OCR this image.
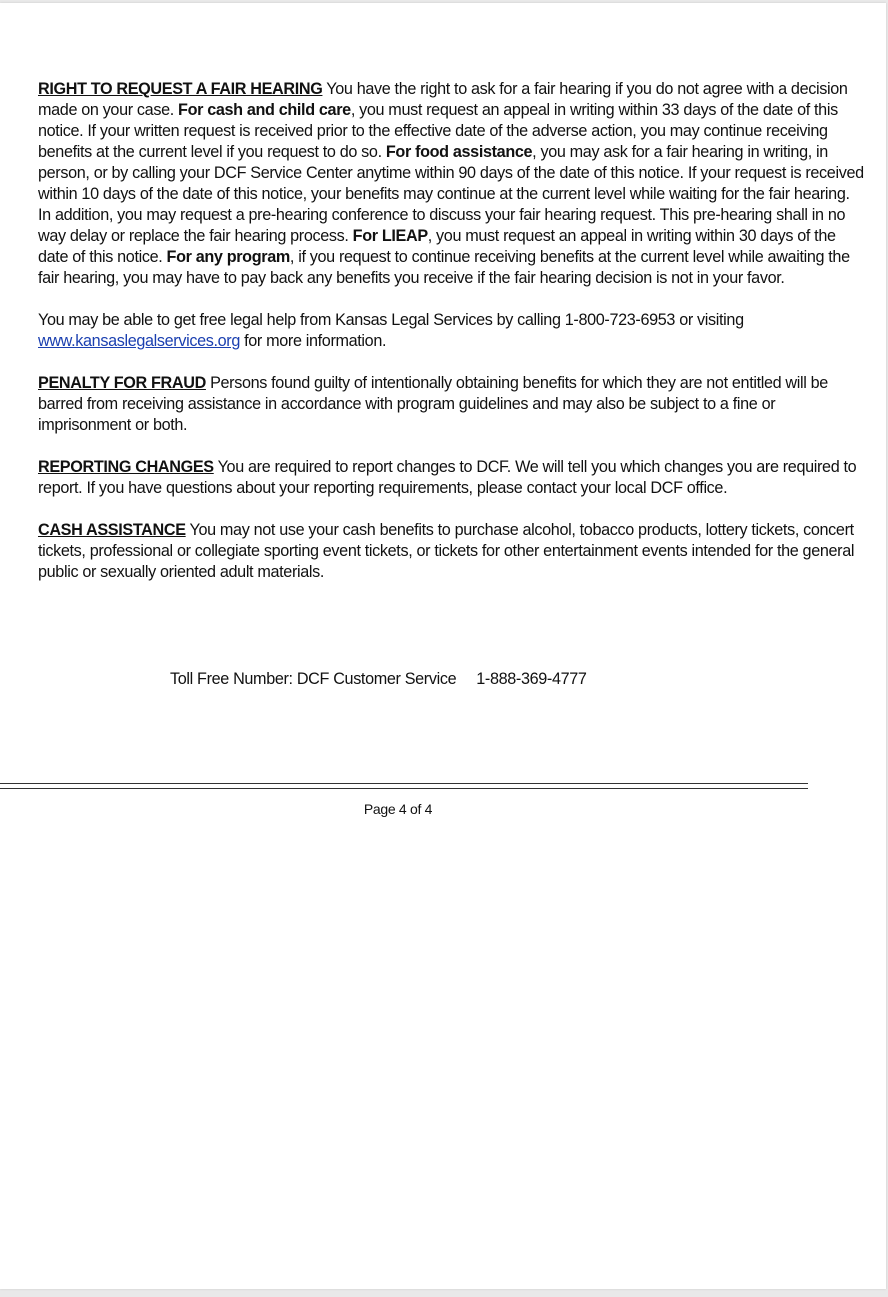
RIGHT TO REQUEST A FAIR HEARING You have the right to ask for a fair hearing if you do not agree with a decision made on your case. For cash and child care, you must request an appeal in writing within 33 days of the date of this notice. If your written request is received prior to the effective date of the adverse action, you may continue receiving benefits at the current level if you request to do so. For food assistance, you may ask for a fair hearing in writing, in person, or by calling your DCF Service Center anytime within 90 days of the date of this notice. If your request is received within 10 days of the date of this notice, your benefits may continue at the current level while waiting for the fair hearing. In addition, you may request a pre-hearing conference to discuss your fair hearing request. This pre-hearing shall in no way delay or replace the fair hearing process. For LIEAP, you must request an appeal in writing within 30 days of the date of this notice. For any program, if you request to continue receiving benefits at the current level while awaiting the fair hearing, you may have to pay back any benefits you receive if the fair hearing decision is not in your favor.

You may be able to get free legal help from Kansas Legal Services by calling 1-800-723-6953 or visiting www.kansaslegalservices.org for more information.

PENALTY FOR FRAUD Persons found guilty of intentionally obtaining benefits for which they are not entitled will be barred from receiving assistance in accordance with program guidelines and may also be subject to a fine or imprisonment or both.

REPORTING CHANGES You are required to report changes to DCF. We will tell you which changes you are required to report. If you have questions about your reporting requirements, please contact your local DCF office.

CASH ASSISTANCE You may not use your cash benefits to purchase alcohol, tobacco products, lottery tickets, concert tickets, professional or collegiate sporting event tickets, or tickets for other entertainment events intended for the general public or sexually oriented adult materials.

Toll Free Number: DCF Customer Service 1-888-369-4777
Page 4 of 4
